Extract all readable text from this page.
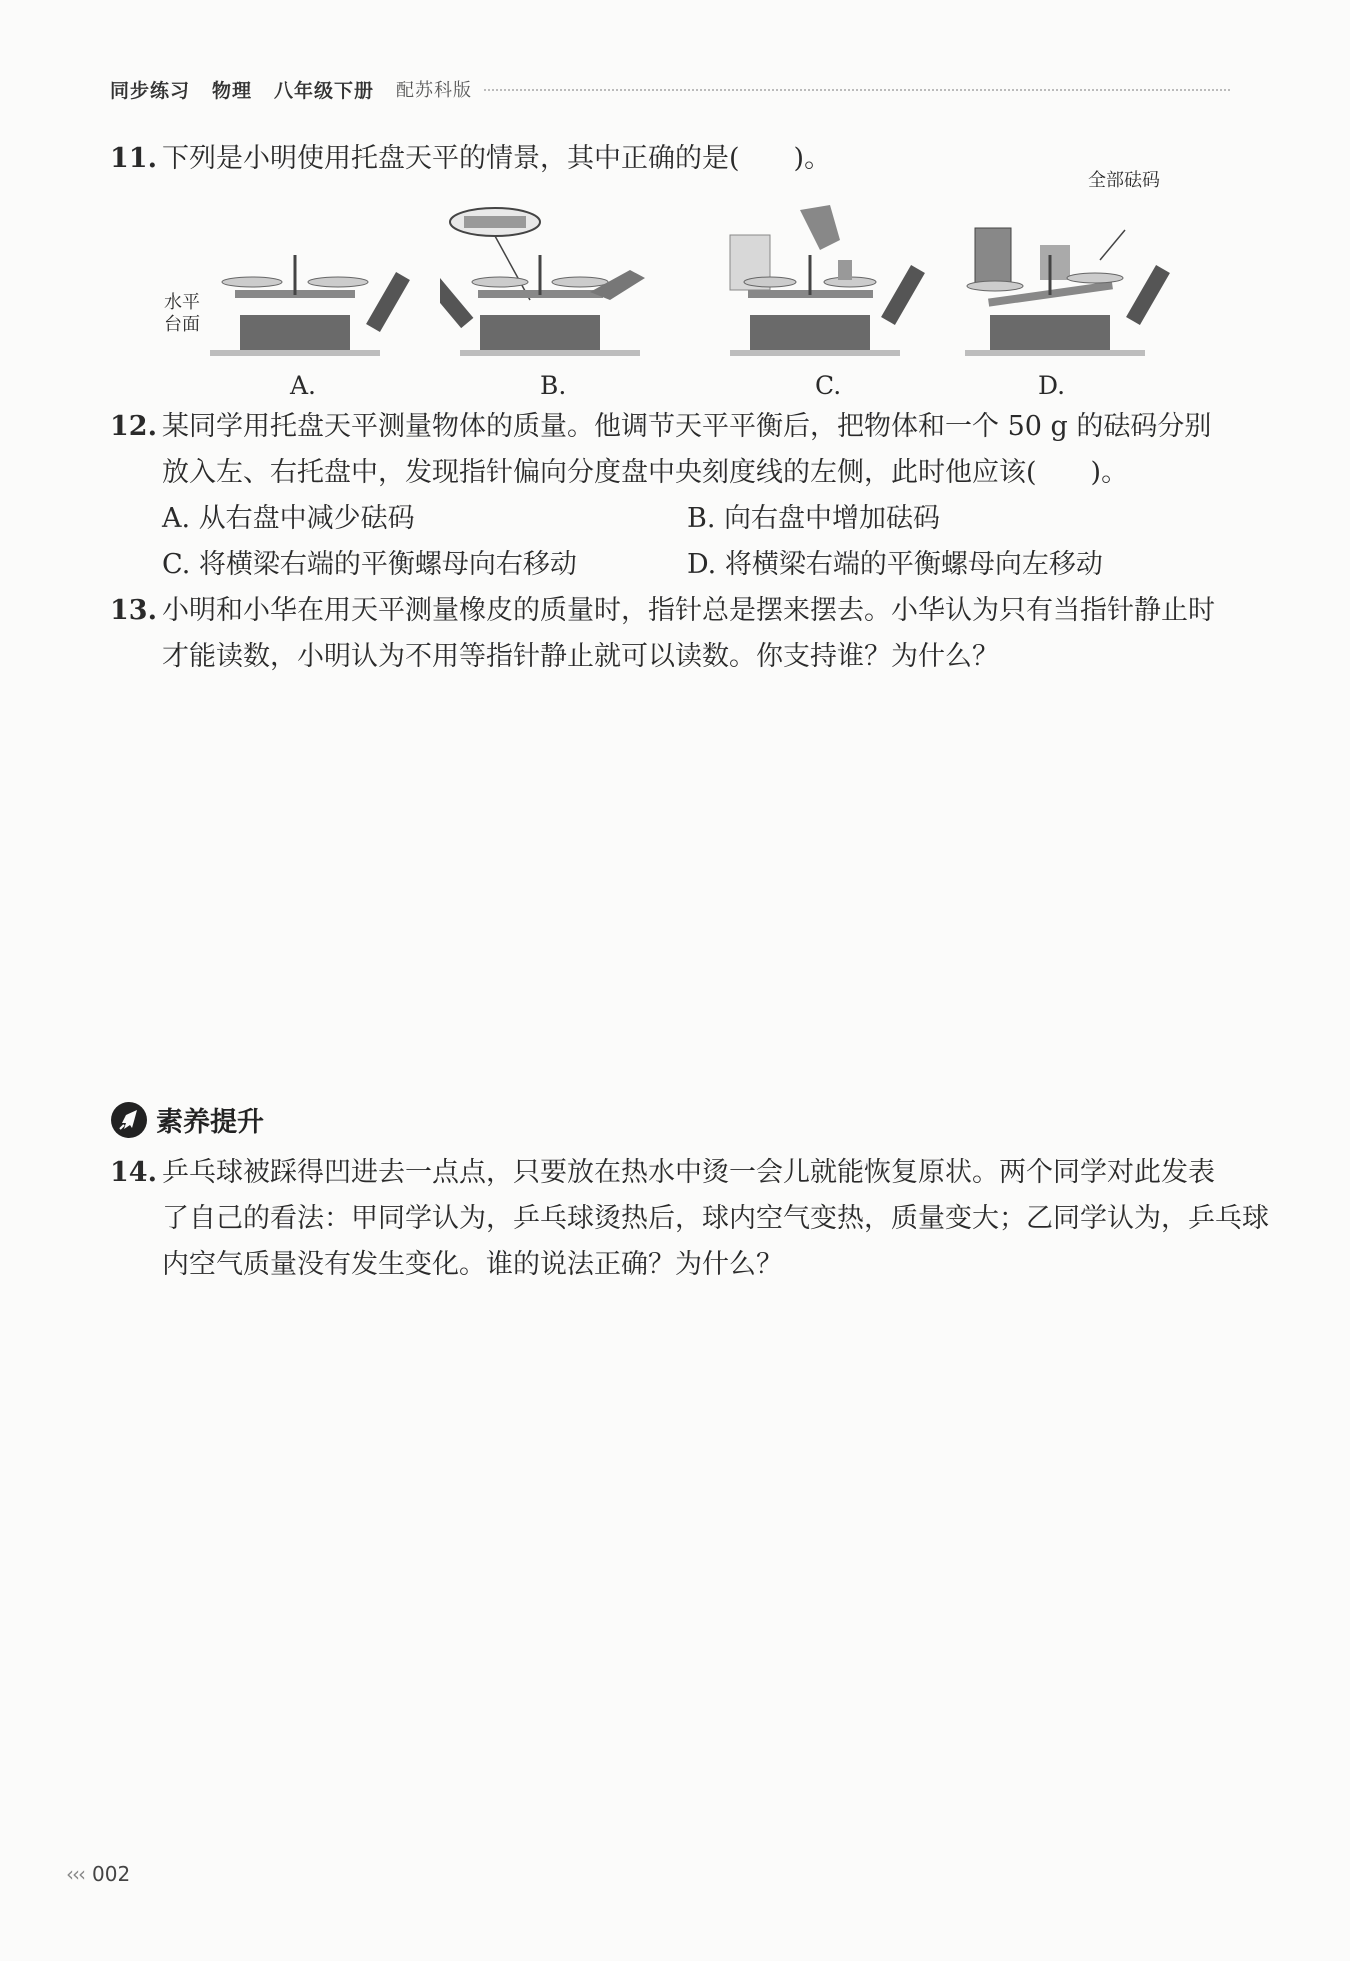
同步练习 物理 八年级下册 配苏科版
11. 下列是小明使用托盘天平的情景，其中正确的是(　　)。
水平
台面
A.	B.	C.
全部砝码
D.
12. 某同学用托盘天平测量物体的质量。他调节天平平衡后，把物体和一个 50 g 的砝码分别
放入左、右托盘中，发现指针偏向分度盘中央刻度线的左侧，此时他应该(　　)。
A. 从右盘中减少砝码	B. 向右盘中增加砝码
C. 将横梁右端的平衡螺母向右移动	D. 将横梁右端的平衡螺母向左移动
13. 小明和小华在用天平测量橡皮的质量时，指针总是摆来摆去。小华认为只有当指针静止时
才能读数，小明认为不用等指针静止就可以读数。你支持谁？为什么？
素养提升
14. 乒乓球被踩得凹进去一点点，只要放在热水中烫一会儿就能恢复原状。两个同学对此发表
了自己的看法：甲同学认为，乒乓球烫热后，球内空气变热，质量变大；乙同学认为，乒乓球
内空气质量没有发生变化。谁的说法正确？为什么？
‹‹‹ 002
